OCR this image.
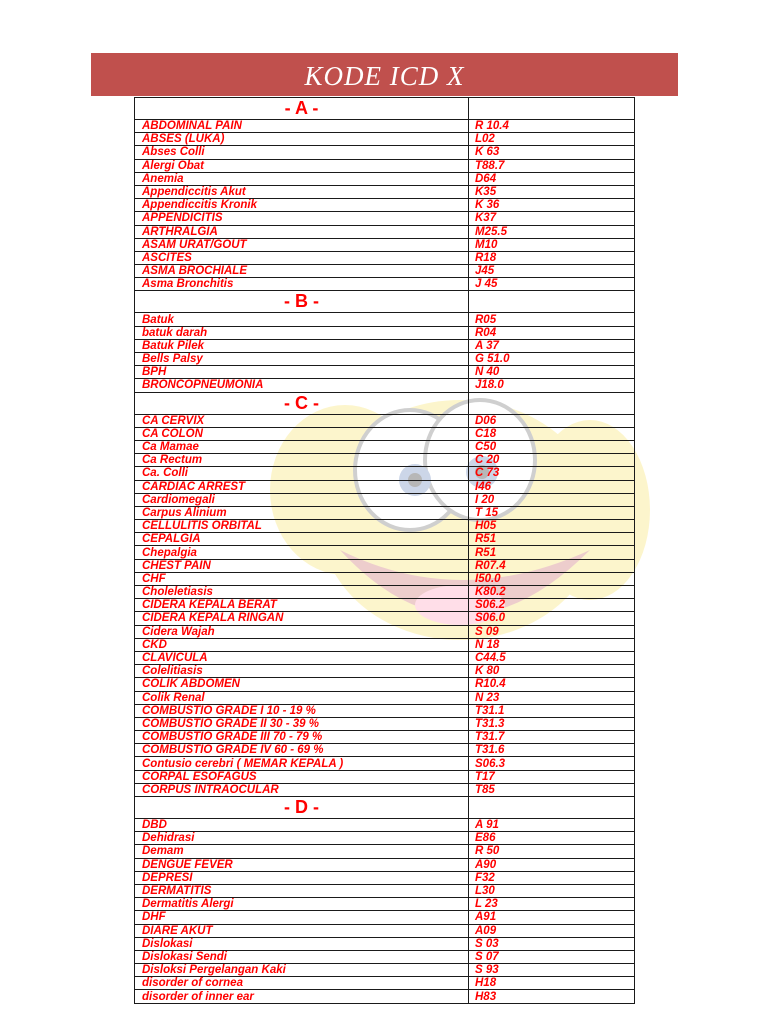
KODE ICD X
- A -	
ABDOMINAL PAIN	R 10.4
ABSES (LUKA)	L02
Abses Colli	K 63
Alergi Obat	T88.7
Anemia	D64
Appendiccitis Akut	K35
Appendiccitis Kronik	K 36
APPENDICITIS	K37
ARTHRALGIA	M25.5
ASAM URAT/GOUT	M10
ASCITES	R18
ASMA BROCHIALE	J45
Asma Bronchitis	J 45
- B -	
Batuk	R05
batuk darah	R04
Batuk Pilek	A 37
Bells Palsy	G 51.0
BPH	N 40
BRONCOPNEUMONIA	J18.0
- C -	
CA CERVIX	D06
CA COLON	C18
Ca Mamae	C50
Ca Rectum	C 20
Ca. Colli	C 73
CARDIAC ARREST	I46
Cardiomegali	I 20
Carpus Alinium	T 15
CELLULITIS ORBITAL	H05
CEPALGIA	R51
Chepalgia	R51
CHEST PAIN	R07.4
CHF	I50.0
Choleletiasis	K80.2
CIDERA KEPALA BERAT	S06.2
CIDERA KEPALA RINGAN	S06.0
Cidera Wajah	S 09
CKD	N 18
CLAVICULA	C44.5
Colelitiasis	K 80
COLIK ABDOMEN	R10.4
Colik Renal	N 23
COMBUSTIO GRADE I 10 - 19 %	T31.1
COMBUSTIO GRADE II 30 - 39 %	T31.3
COMBUSTIO GRADE III 70 - 79 %	T31.7
COMBUSTIO GRADE IV 60 - 69 %	T31.6
Contusio cerebri ( MEMAR KEPALA )	S06.3
CORPAL ESOFAGUS	T17
CORPUS INTRAOCULAR	T85
- D -	
DBD	A 91
Dehidrasi	E86
Demam	R 50
DENGUE FEVER	A90
DEPRESI	F32
DERMATITIS	L30
Dermatitis Alergi	L 23
DHF	A91
DIARE AKUT	A09
Dislokasi	S 03
Dislokasi Sendi	S 07
Disloksi Pergelangan Kaki	S 93
disorder of cornea	H18
disorder of inner ear	H83
